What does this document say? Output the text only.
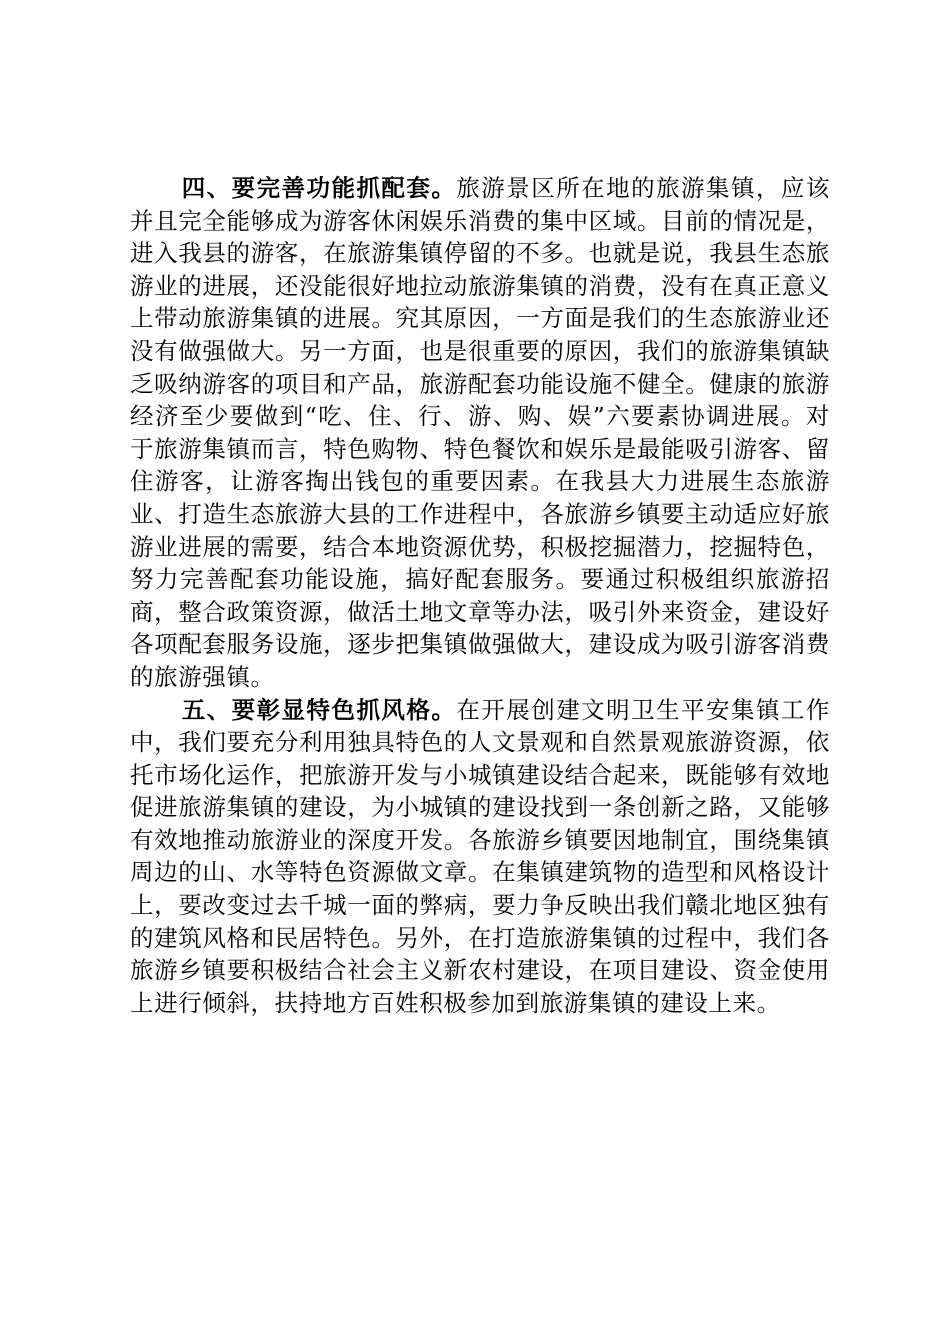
四、要完善功能抓配套。旅游景区所在地的旅游集镇，应该并且完全能够成为游客休闲娱乐消费的集中区域。目前的情况是，进入我县的游客，在旅游集镇停留的不多。也就是说，我县生态旅游业的进展，还没能很好地拉动旅游集镇的消费，没有在真正意义上带动旅游集镇的进展。究其原因，一方面是我们的生态旅游业还没有做强做大。另一方面，也是很重要的原因，我们的旅游集镇缺乏吸纳游客的项目和产品，旅游配套功能设施不健全。健康的旅游经济至少要做到“吃、住、行、游、购、娱”六要素协调进展。对于旅游集镇而言，特色购物、特色餐饮和娱乐是最能吸引游客、留住游客，让游客掏出钱包的重要因素。在我县大力进展生态旅游业、打造生态旅游大县的工作进程中，各旅游乡镇要主动适应好旅游业进展的需要，结合本地资源优势，积极挖掘潜力，挖掘特色，努力完善配套功能设施，搞好配套服务。要通过积极组织旅游招商，整合政策资源，做活土地文章等办法，吸引外来资金，建设好各项配套服务设施，逐步把集镇做强做大，建设成为吸引游客消费的旅游强镇。

五、要彰显特色抓风格。在开展创建文明卫生平安集镇工作中，我们要充分利用独具特色的人文景观和自然景观旅游资源，依托市场化运作，把旅游开发与小城镇建设结合起来，既能够有效地促进旅游集镇的建设，为小城镇的建设找到一条创新之路，又能够有效地推动旅游业的深度开发。各旅游乡镇要因地制宜，围绕集镇周边的山、水等特色资源做文章。在集镇建筑物的造型和风格设计上，要改变过去千城一面的弊病，要力争反映出我们赣北地区独有的建筑风格和民居特色。另外，在打造旅游集镇的过程中，我们各旅游乡镇要积极结合社会主义新农村建设，在项目建设、资金使用上进行倾斜，扶持地方百姓积极参加到旅游集镇的建设上来。
